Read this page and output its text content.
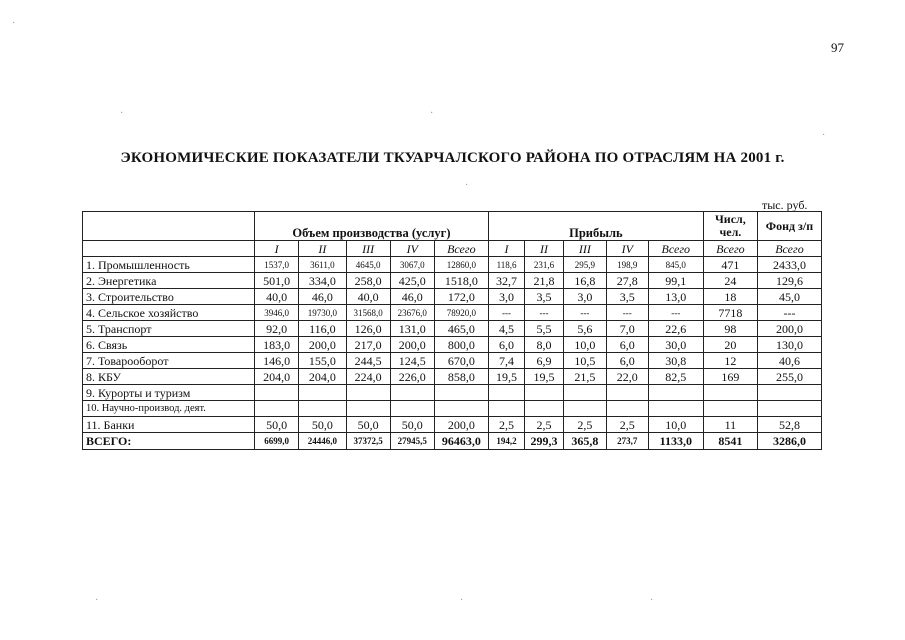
97
ЭКОНОМИЧЕСКИЕ ПОКАЗАТЕЛИ ТКУАРЧАЛСКОГО РАЙОНА ПО ОТРАСЛЯМ НА 2001 г.
тыс. руб.
	Объем производства (услуг)					Прибыль					Числ, чел.	Фонд з/п
	I	II	III	IV	Всего	I	II	III	IV	Всего	Всего	Всего
1. Промышленность	1537,0	3611,0	4645,0	3067,0	12860,0	118,6	231,6	295,9	198,9	845,0	471	2433,0
2. Энергетика	501,0	334,0	258,0	425,0	1518,0	32,7	21,8	16,8	27,8	99,1	24	129,6
3. Строительство	40,0	46,0	40,0	46,0	172,0	3,0	3,5	3,0	3,5	13,0	18	45,0
4. Сельское хозяйство	3946,0	19730,0	31568,0	23676,0	78920,0	---	---	---	---	---	7718	---
5. Транспорт	92,0	116,0	126,0	131,0	465,0	4,5	5,5	5,6	7,0	22,6	98	200,0
6. Связь	183,0	200,0	217,0	200,0	800,0	6,0	8,0	10,0	6,0	30,0	20	130,0
7. Товарооборот	146,0	155,0	244,5	124,5	670,0	7,4	6,9	10,5	6,0	30,8	12	40,6
8. КБУ	204,0	204,0	224,0	226,0	858,0	19,5	19,5	21,5	22,0	82,5	169	255,0
9. Курорты и туризм												
10. Научно-производ. деят.												
11. Банки	50,0	50,0	50,0	50,0	200,0	2,5	2,5	2,5	2,5	10,0	11	52,8
ВСЕГО:	6699,0	24446,0	37372,5	27945,5	96463,0	194,2	299,3	365,8	273,7	1133,0	8541	3286,0
·
·	·
·
·
·	·
·
